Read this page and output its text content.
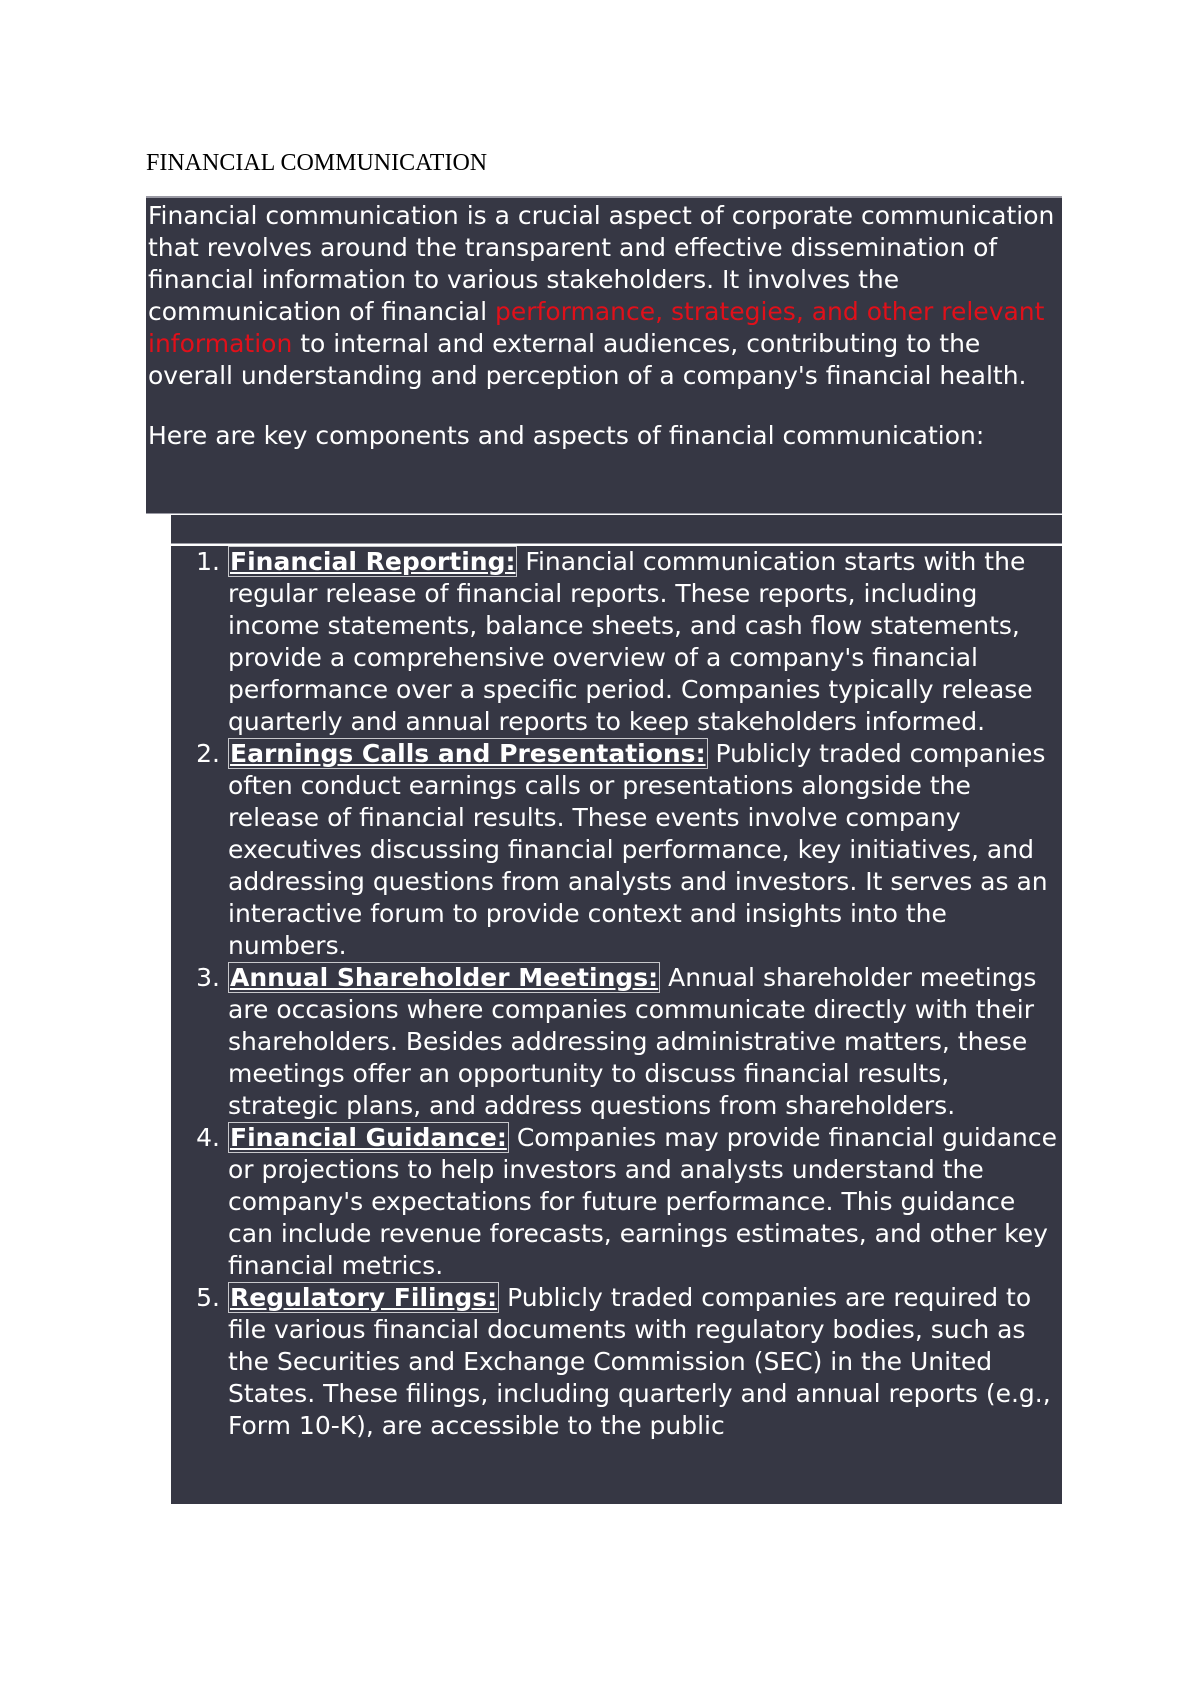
FINANCIAL COMMUNICATION

Financial communication is a crucial aspect of corporate communication that revolves around the transparent and effective dissemination of financial information to various stakeholders. It involves the communication of financial performance, strategies, and other relevant information to internal and external audiences, contributing to the overall understanding and perception of a company's financial health.

Here are key components and aspects of financial communication:

1. Financial Reporting: Financial communication starts with the regular release of financial reports. These reports, including income statements, balance sheets, and cash flow statements, provide a comprehensive overview of a company's financial performance over a specific period. Companies typically release quarterly and annual reports to keep stakeholders informed.
2. Earnings Calls and Presentations: Publicly traded companies often conduct earnings calls or presentations alongside the release of financial results. These events involve company executives discussing financial performance, key initiatives, and addressing questions from analysts and investors. It serves as an interactive forum to provide context and insights into the numbers.
3. Annual Shareholder Meetings: Annual shareholder meetings are occasions where companies communicate directly with their shareholders. Besides addressing administrative matters, these meetings offer an opportunity to discuss financial results, strategic plans, and address questions from shareholders.
4. Financial Guidance: Companies may provide financial guidance or projections to help investors and analysts understand the company's expectations for future performance. This guidance can include revenue forecasts, earnings estimates, and other key financial metrics.
5. Regulatory Filings: Publicly traded companies are required to file various financial documents with regulatory bodies, such as the Securities and Exchange Commission (SEC) in the United States. These filings, including quarterly and annual reports (e.g., Form 10-K), are accessible to the public
